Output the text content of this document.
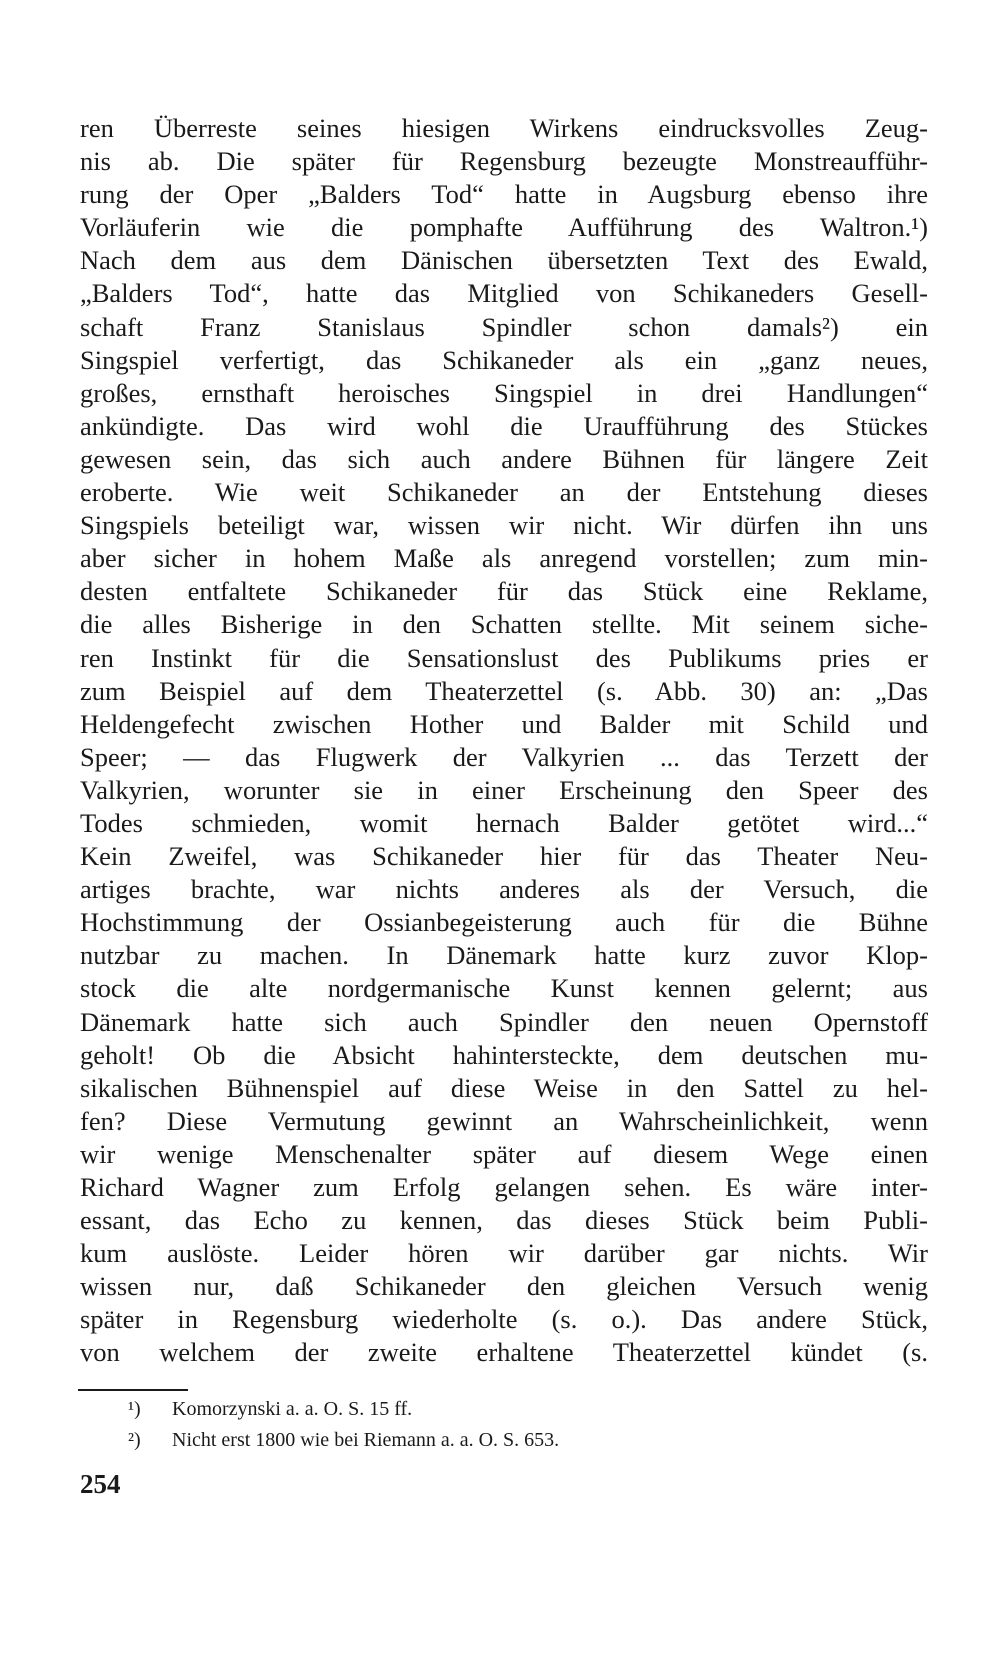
ren Überreste seines hiesigen Wirkens eindrucksvolles Zeug-
nis ab. Die später für Regensburg bezeugte Monstreaufführ-
rung der Oper „Balders Tod“ hatte in Augsburg ebenso ihre
Vorläuferin wie die pomphafte Aufführung des Waltron.¹)
Nach dem aus dem Dänischen übersetzten Text des Ewald,
„Balders Tod“, hatte das Mitglied von Schikaneders Gesell-
schaft Franz Stanislaus Spindler schon damals²) ein
Singspiel verfertigt, das Schikaneder als ein „ganz neues,
großes, ernsthaft heroisches Singspiel in drei Handlungen“
ankündigte. Das wird wohl die Uraufführung des Stückes
gewesen sein, das sich auch andere Bühnen für längere Zeit
eroberte. Wie weit Schikaneder an der Entstehung dieses
Singspiels beteiligt war, wissen wir nicht. Wir dürfen ihn uns
aber sicher in hohem Maße als anregend vorstellen; zum min-
desten entfaltete Schikaneder für das Stück eine Reklame,
die alles Bisherige in den Schatten stellte. Mit seinem siche-
ren Instinkt für die Sensationslust des Publikums pries er
zum Beispiel auf dem Theaterzettel (s. Abb. 30) an: „Das
Heldengefecht zwischen Hother und Balder mit Schild und
Speer; — das Flugwerk der Valkyrien ... das Terzett der
Valkyrien, worunter sie in einer Erscheinung den Speer des
Todes schmieden, womit hernach Balder getötet wird...“
Kein Zweifel, was Schikaneder hier für das Theater Neu-
artiges brachte, war nichts anderes als der Versuch, die
Hochstimmung der Ossianbegeisterung auch für die Bühne
nutzbar zu machen. In Dänemark hatte kurz zuvor Klop-
stock die alte nordgermanische Kunst kennen gelernt; aus
Dänemark hatte sich auch Spindler den neuen Opernstoff
geholt! Ob die Absicht hahintersteckte, dem deutschen mu-
sikalischen Bühnenspiel auf diese Weise in den Sattel zu hel-
fen? Diese Vermutung gewinnt an Wahrscheinlichkeit, wenn
wir wenige Menschenalter später auf diesem Wege einen
Richard Wagner zum Erfolg gelangen sehen. Es wäre inter-
essant, das Echo zu kennen, das dieses Stück beim Publi-
kum auslöste. Leider hören wir darüber gar nichts. Wir
wissen nur, daß Schikaneder den gleichen Versuch wenig
später in Regensburg wiederholte (s. o.). Das andere Stück,
von welchem der zweite erhaltene Theaterzettel kündet (s.
¹) Komorzynski a. a. O. S. 15 ff.
²) Nicht erst 1800 wie bei Riemann a. a. O. S. 653.
254
